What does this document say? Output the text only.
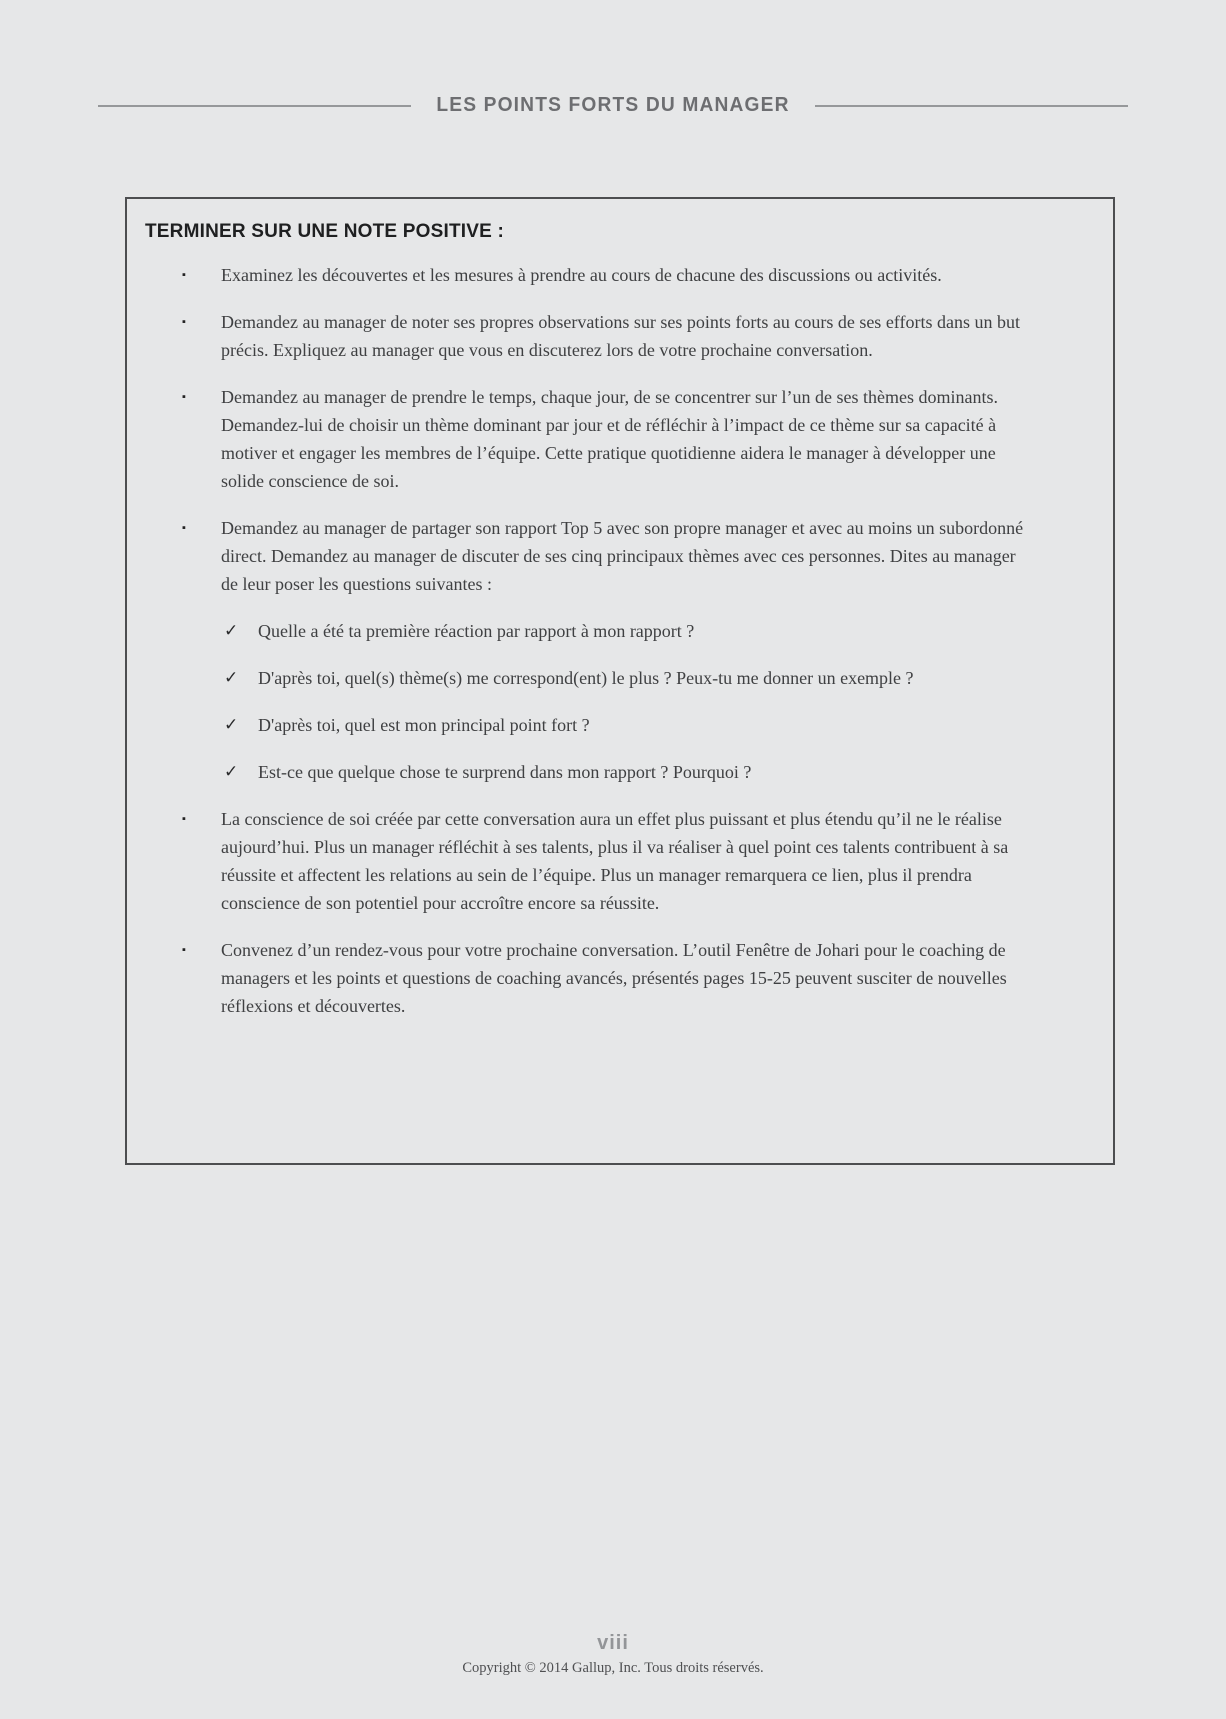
LES POINTS FORTS DU MANAGER
TERMINER SUR UNE NOTE POSITIVE :
▪ Examinez les découvertes et les mesures à prendre au cours de chacune des discussions ou activités.

▪ Demandez au manager de noter ses propres observations sur ses points forts au cours de ses efforts dans un but précis. Expliquez au manager que vous en discuterez lors de votre prochaine conversation.

▪ Demandez au manager de prendre le temps, chaque jour, de se concentrer sur l’un de ses thèmes dominants. Demandez-lui de choisir un thème dominant par jour et de réfléchir à l’impact de ce thème sur sa capacité à motiver et engager les membres de l’équipe. Cette pratique quotidienne aidera le manager à développer une solide conscience de soi.

▪ Demandez au manager de partager son rapport Top 5 avec son propre manager et avec au moins un subordonné direct. Demandez au manager de discuter de ses cinq principaux thèmes avec ces personnes. Dites au manager de leur poser les questions suivantes :

✓ Quelle a été ta première réaction par rapport à mon rapport ?

✓ D'après toi, quel(s) thème(s) me correspond(ent) le plus ? Peux-tu me donner un exemple ?

✓ D'après toi, quel est mon principal point fort ?

✓ Est-ce que quelque chose te surprend dans mon rapport ? Pourquoi ?

▪ La conscience de soi créée par cette conversation aura un effet plus puissant et plus étendu qu’il ne le réalise aujourd’hui. Plus un manager réfléchit à ses talents, plus il va réaliser à quel point ces talents contribuent à sa réussite et affectent les relations au sein de l’équipe. Plus un manager remarquera ce lien, plus il prendra conscience de son potentiel pour accroître encore sa réussite.

▪ Convenez d’un rendez-vous pour votre prochaine conversation. L’outil Fenêtre de Johari pour le coaching de managers et les points et questions de coaching avancés, présentés pages 15-25 peuvent susciter de nouvelles réflexions et découvertes.

viii
Copyright © 2014 Gallup, Inc. Tous droits réservés.
